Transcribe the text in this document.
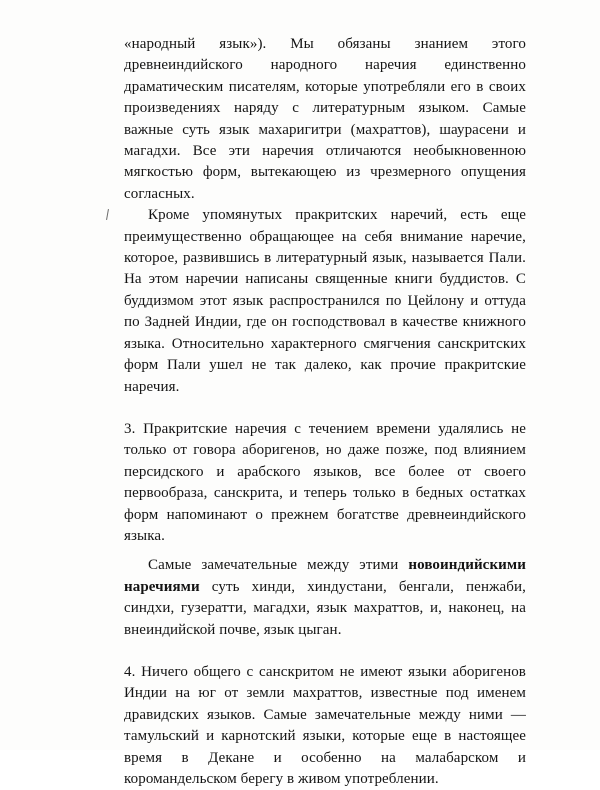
«народный язык»). Мы обязаны знанием этого древнеиндийского народного наречия единственно драматическим писателям, которые употребляли его в своих произведениях наряду с литературным языком. Самые важные суть язык махаригитри (махраттов), шаурасени и магадхи. Все эти наречия отличаются необыкновенною мягкостью форм, вытекающею из чрезмерного опущения согласных.

Кроме упомянутых пракритских наречий, есть еще преимущественно обращающее на себя внимание наречие, которое, развившись в литературный язык, называется Пали. На этом наречии написаны священные книги буддистов. С буддизмом этот язык распространился по Цейлону и оттуда по Задней Индии, где он господствовал в качестве книжного языка. Относительно характерного смягчения санскритских форм Пали ушел не так далеко, как прочие пракритские наречия.

3. Пракритские наречия с течением времени удалялись не только от говора аборигенов, но даже позже, под влиянием персидского и арабского языков, все более от своего первообраза, санскрита, и теперь только в бедных остатках форм напоминают о прежнем богатстве древнеиндийского языка.

Самые замечательные между этими новоиндийскими наречиями суть хинди, хиндустани, бенгали, пенжаби, синдхи, гузератти, магадхи, язык махраттов, и, наконец, на внеиндийской почве, язык цыган.

4. Ничего общего с санскритом не имеют языки аборигенов Индии на юг от земли махраттов, известные под именем дравидских языков. Самые замечательные между ними — тамульский и карнотский языки, которые еще в настоящее время в Декане и особенно на малабарском и коромандельском берегу в живом употреблении.
